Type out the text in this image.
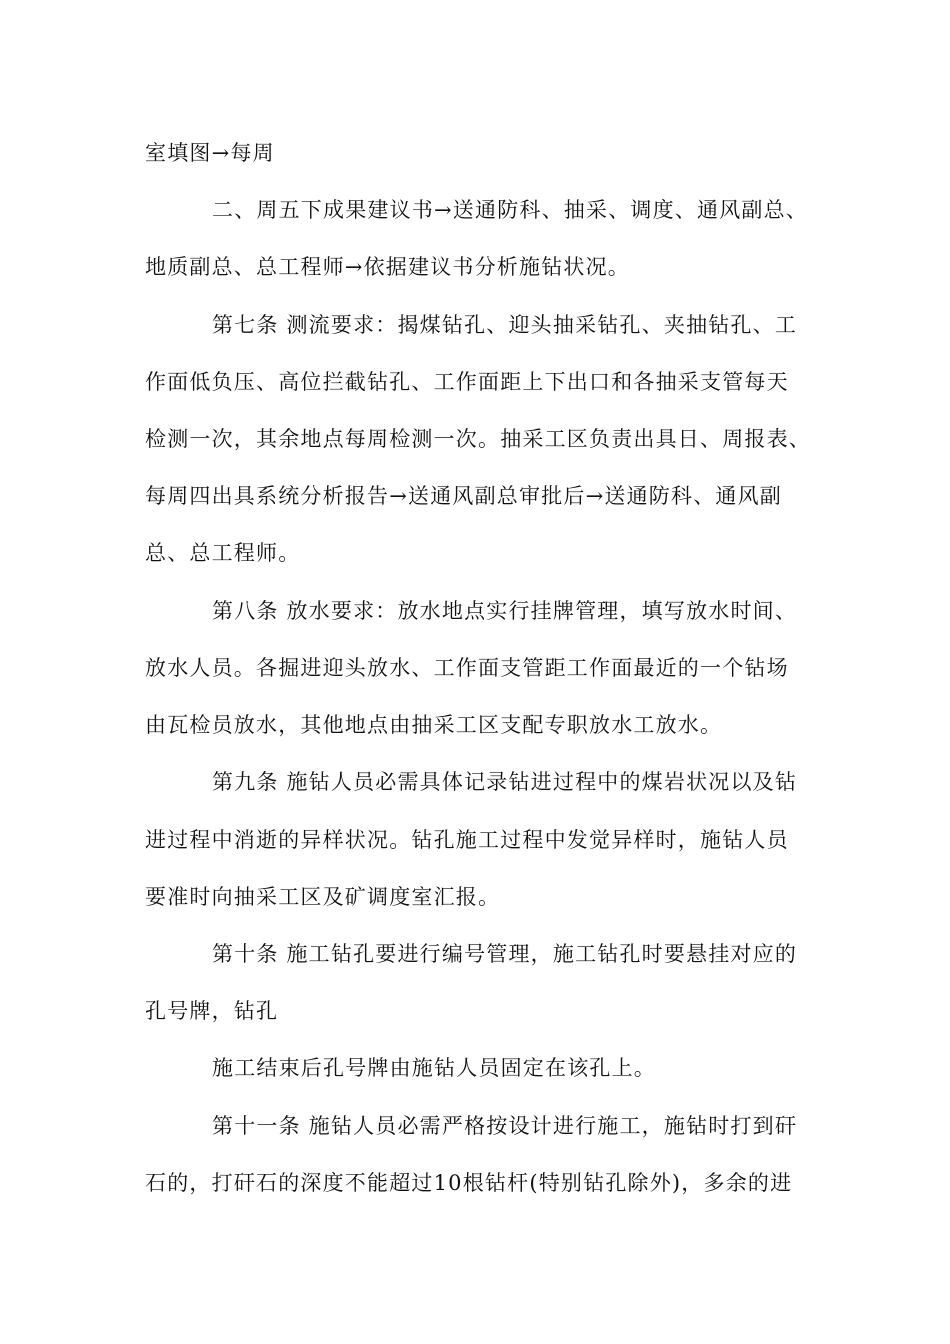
室填图→每周
二、周五下成果建议书→送通防科、抽采、调度、通风副总、
地质副总、总工程师→依据建议书分析施钻状况。
第七条 测流要求：揭煤钻孔、迎头抽采钻孔、夹抽钻孔、工
作面低负压、高位拦截钻孔、工作面距上下出口和各抽采支管每天
检测一次，其余地点每周检测一次。抽采工区负责出具日、周报表、
每周四出具系统分析报告→送通风副总审批后→送通防科、通风副
总、总工程师。
第八条 放水要求：放水地点实行挂牌管理，填写放水时间、
放水人员。各掘进迎头放水、工作面支管距工作面最近的一个钻场
由瓦检员放水，其他地点由抽采工区支配专职放水工放水。
第九条 施钻人员必需具体记录钻进过程中的煤岩状况以及钻
进过程中消逝的异样状况。钻孔施工过程中发觉异样时，施钻人员
要准时向抽采工区及矿调度室汇报。
第十条 施工钻孔要进行编号管理，施工钻孔时要悬挂对应的
孔号牌，钻孔
施工结束后孔号牌由施钻人员固定在该孔上。
第十一条 施钻人员必需严格按设计进行施工，施钻时打到矸
石的，打矸石的深度不能超过10根钻杆(特别钻孔除外)，多余的进
